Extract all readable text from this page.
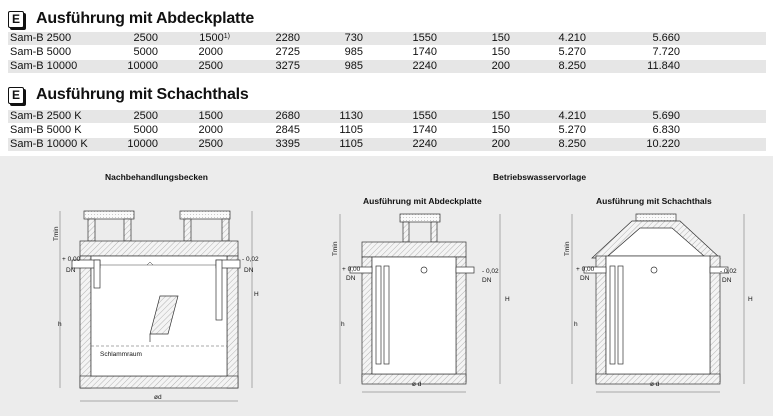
E Ausführung mit Abdeckplatte
Sam-B 2500	2500	1500$^{1)}$	2280	730	1550	150	4.210	5.660
Sam-B 5000	5000	2000	2725	985	1740	150	5.270	7.720
Sam-B 10000	10000	2500	3275	985	2240	200	8.250	11.840
E Ausführung mit Schachthals
Sam-B 2500 K	2500	1500	2680	1130	1550	150	4.210	5.690
Sam-B 5000 K	5000	2000	2845	1105	1740	150	5.270	6.830
Sam-B 10000 K	10000	2500	3395	1105	2240	200	8.250	10.220
Nachbehandlungsbecken	Betriebswasservorlage
Ausführung mit Abdeckplatte	Ausführung mit Schachthals
Tmin
+ 0,00
DN
- 0,02
DN
h
H
Schlammraum
ød
Tmin
+ 0,00
DN
- 0,02
DN
h
H
ø d
Tmin
+ 0,00
DN
- 0,02
DN
h
H
ø d
